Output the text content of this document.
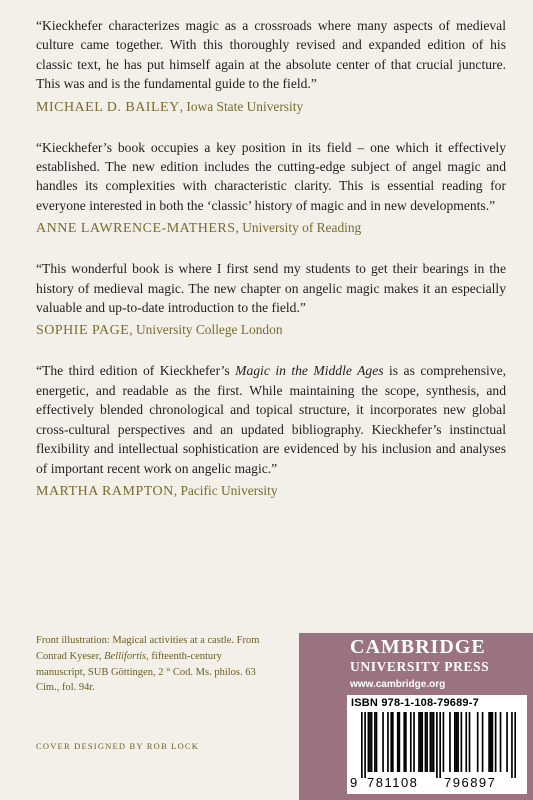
“Kieckhefer characterizes magic as a crossroads where many aspects of medieval culture came together. With this thoroughly revised and expanded edition of his classic text, he has put himself again at the absolute center of that crucial juncture. This was and is the fundamental guide to the field.”

MICHAEL D. BAILEY, Iowa State University

“Kieckhefer’s book occupies a key position in its field – one which it effectively established. The new edition includes the cutting-edge subject of angel magic and handles its complexities with characteristic clarity. This is essential reading for everyone interested in both the ‘classic’ history of magic and in new developments.”

ANNE LAWRENCE-MATHERS, University of Reading

“This wonderful book is where I first send my students to get their bearings in the history of medieval magic. The new chapter on angelic magic makes it an especially valuable and up-to-date introduction to the field.”

SOPHIE PAGE, University College London

“The third edition of Kieckhefer’s Magic in the Middle Ages is as comprehensive, energetic, and readable as the first. While maintaining the scope, synthesis, and effectively blended chronological and topical structure, it incorporates new global cross-cultural perspectives and an updated bibliography. Kieckhefer’s instinctual flexibility and intellectual sophistication are evidenced by his inclusion and analyses of important recent work on angelic magic.”

MARTHA RAMPTON, Pacific University
Front illustration: Magical activities at a castle. From Conrad Kyeser, Bellifortis, fifteenth-century manuscript, SUB Göttingen, 2 ° Cod. Ms. philos. 63 Cim., fol. 94r.
COVER DESIGNED BY ROB LOCK
CAMBRIDGE
UNIVERSITY PRESS
www.cambridge.org
ISBN 978-1-108-79689-7
9 781108 796897
